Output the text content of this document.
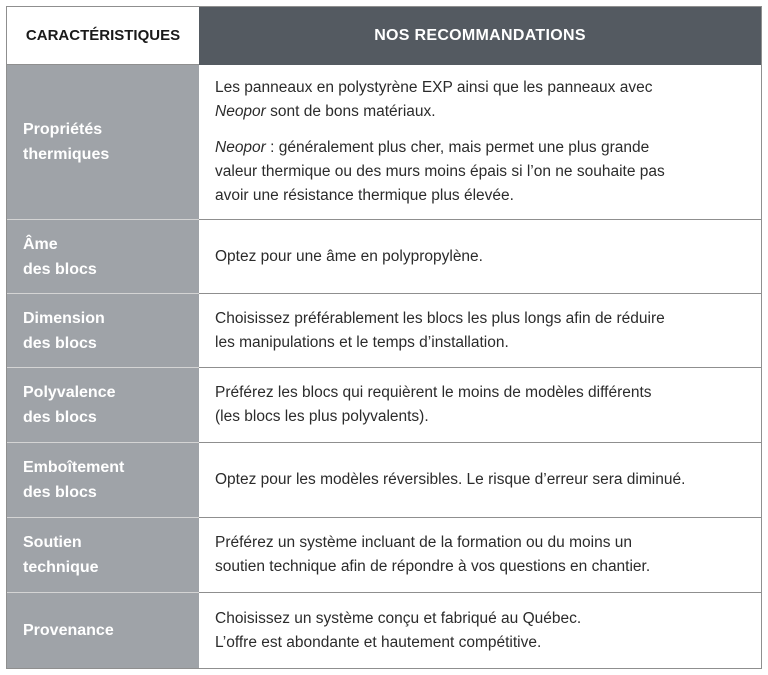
CARACTÉRISTIQUES	NOS RECOMMANDATIONS
Propriétés
thermiques

Les panneaux en polystyrène EXP ainsi que les panneaux avec
Neopor sont de bons matériaux.

Neopor : généralement plus cher, mais permet une plus grande
valeur thermique ou des murs moins épais si l’on ne souhaite pas
avoir une résistance thermique plus élevée.

Âme
des blocs
Optez pour une âme en polypropylène.
Dimension
des blocs
Choisissez préférablement les blocs les plus longs afin de réduire
les manipulations et le temps d’installation.
Polyvalence
des blocs
Préférez les blocs qui requièrent le moins de modèles différents
(les blocs les plus polyvalents).
Emboîtement
des blocs
Optez pour les modèles réversibles. Le risque d’erreur sera diminué.
Soutien
technique
Préférez un système incluant de la formation ou du moins un
soutien technique afin de répondre à vos questions en chantier.
Provenance
Choisissez un système conçu et fabriqué au Québec.
L’offre est abondante et hautement compétitive.
